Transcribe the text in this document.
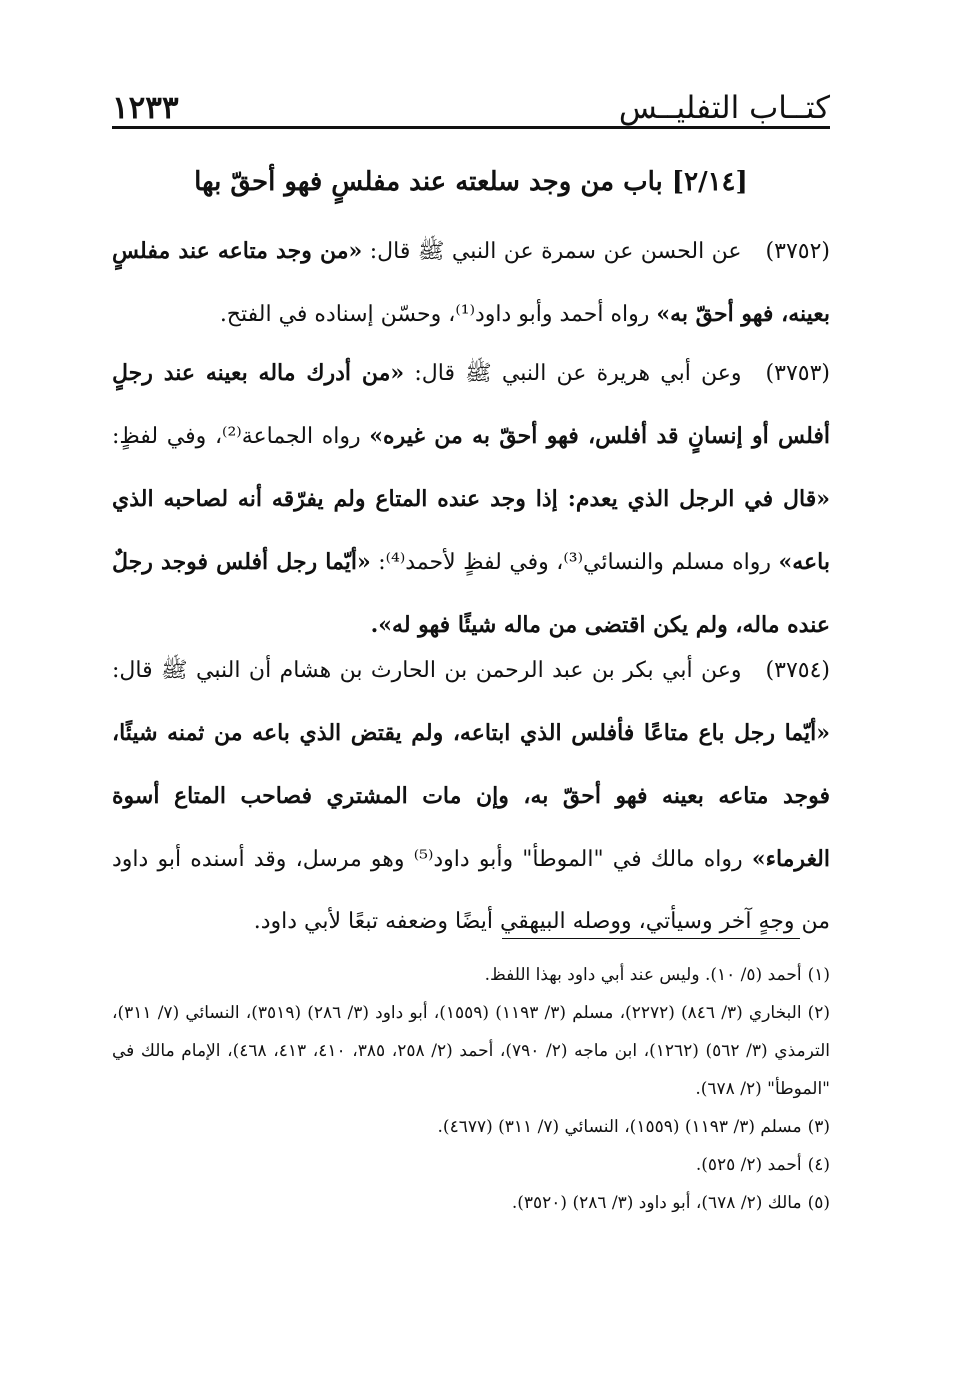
كتــاب التفليــس
١٢٣٣
[٢/١٤] باب من وجد سلعته عند مفلسٍ فهو أحقّ بها

(٣٧٥٢)عن الحسن عن سمرة عن النبي ﷺ قال: «من وجد متاعه عند مفلسٍ بعينه، فهو أحقّ به» رواه أحمد وأبو داود⁽¹⁾، وحسّن إسناده في الفتح.

(٣٧٥٣)وعن أبي هريرة عن النبي ﷺ قال: «من أدرك ماله بعينه عند رجلٍ أفلس أو إنسانٍ قد أفلس، فهو أحقّ به من غيره» رواه الجماعة⁽²⁾، وفي لفظٍ: «قال في الرجل الذي يعدم: إذا وجد عنده المتاع ولم يفرّقه أنه لصاحبه الذي باعه» رواه مسلم والنسائي⁽³⁾، وفي لفظٍ لأحمد⁽⁴⁾: «أيّما رجل أفلس فوجد رجلٌ عنده ماله، ولم يكن اقتضى من ماله شيئًا فهو له».

(٣٧٥٤)وعن أبي بكر بن عبد الرحمن بن الحارث بن هشام أن النبي ﷺ قال: «أيّما رجل باع متاعًا فأفلس الذي ابتاعه، ولم يقتض الذي باعه من ثمنه شيئًا، فوجد متاعه بعينه فهو أحقّ به، وإن مات المشتري فصاحب المتاع أسوة الغرماء» رواه مالك في "الموطأ" وأبو داود⁽⁵⁾ وهو مرسل، وقد أسنده أبو داود من وجهٍ آخر وسيأتي، ووصله البيهقي أيضًا وضعفه تبعًا لأبي داود.

(١)أحمد (٥/ ١٠). وليس عند أبي داود بهذا اللفظ.

(٢)البخاري (٣/ ٨٤٦) (٢٢٧٢)، مسلم (٣/ ١١٩٣) (١٥٥٩)، أبو داود (٣/ ٢٨٦) (٣٥١٩)، النسائي (٧/ ٣١١)، الترمذي (٣/ ٥٦٢) (١٢٦٢)، ابن ماجه (٢/ ٧٩٠)، أحمد (٢/ ٢٥٨، ٣٨٥، ٤١٠، ٤١٣، ٤٦٨)، الإمام مالك في "الموطأ" (٢/ ٦٧٨).

(٣)مسلم (٣/ ١١٩٣) (١٥٥٩)، النسائي (٧/ ٣١١) (٤٦٧٧).

(٤)أحمد (٢/ ٥٢٥).

(٥)مالك (٢/ ٦٧٨)، أبو داود (٣/ ٢٨٦) (٣٥٢٠).
